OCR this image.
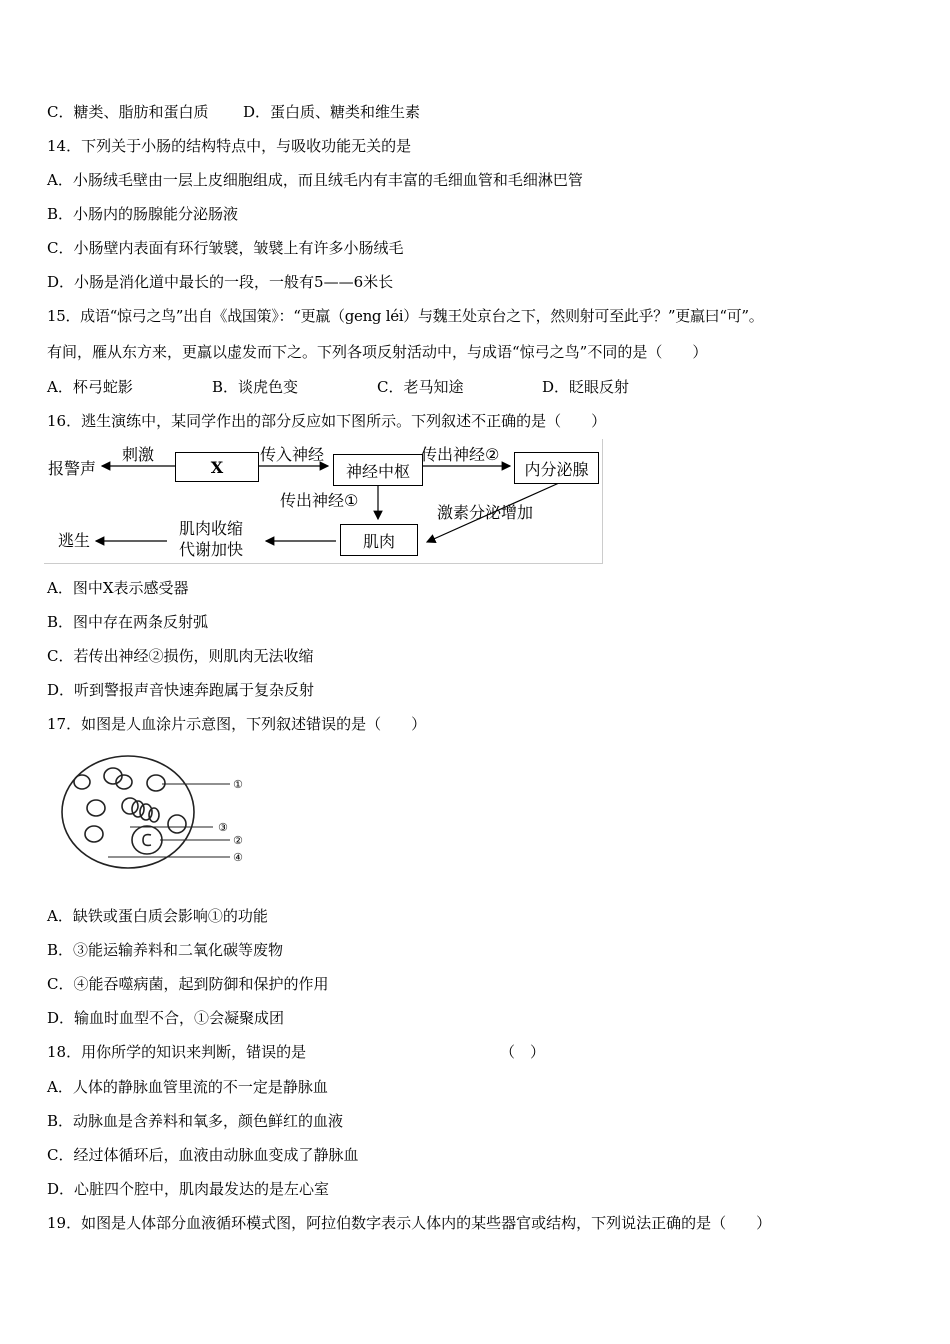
C．糖类、脂肪和蛋白质 D．蛋白质、糖类和维生素
14．下列关于小肠的结构特点中，与吸收功能无关的是
A．小肠绒毛壁由一层上皮细胞组成，而且绒毛内有丰富的毛细血管和毛细淋巴管
B．小肠内的肠腺能分泌肠液
C．小肠壁内表面有环行皱襞，皱襞上有许多小肠绒毛
D．小肠是消化道中最长的一段，一般有5——6米长
15．成语“惊弓之鸟”出自《战国策》：“更羸（geng léi）与魏王处京台之下，然则射可至此乎？”更羸曰“可”。
有间，雁从东方来，更羸以虚发而下之。下列各项反射活动中，与成语“惊弓之鸟”不同的是（　　）
A．杯弓蛇影	B．谈虎色变	C．老马知途	D．眨眼反射
16．逃生演练中，某同学作出的部分反应如下图所示。下列叙述不正确的是（　　）
报警声
刺激
X
传入神经
神经中枢
传出神经②
内分泌腺
传出神经①
激素分泌增加
肌肉
肌肉收缩
代谢加快
逃生
A．图中X表示感受器
B．图中存在两条反射弧
C．若传出神经②损伤，则肌肉无法收缩
D．听到警报声音快速奔跑属于复杂反射
17．如图是人血涂片示意图，下列叙述错误的是（　　）
①
③
②
④
A．缺铁或蛋白质会影响①的功能
B．③能运输养料和二氧化碳等废物
C．④能吞噬病菌，起到防御和保护的作用
D．输血时血型不合，①会凝聚成团
18．用你所学的知识来判断，错误的是	（　）
A．人体的静脉血管里流的不一定是静脉血
B．动脉血是含养料和氧多，颜色鲜红的血液
C．经过体循环后，血液由动脉血变成了静脉血
D．心脏四个腔中，肌肉最发达的是左心室
19．如图是人体部分血液循环模式图，阿拉伯数字表示人体内的某些器官或结构，下列说法正确的是（　　）
